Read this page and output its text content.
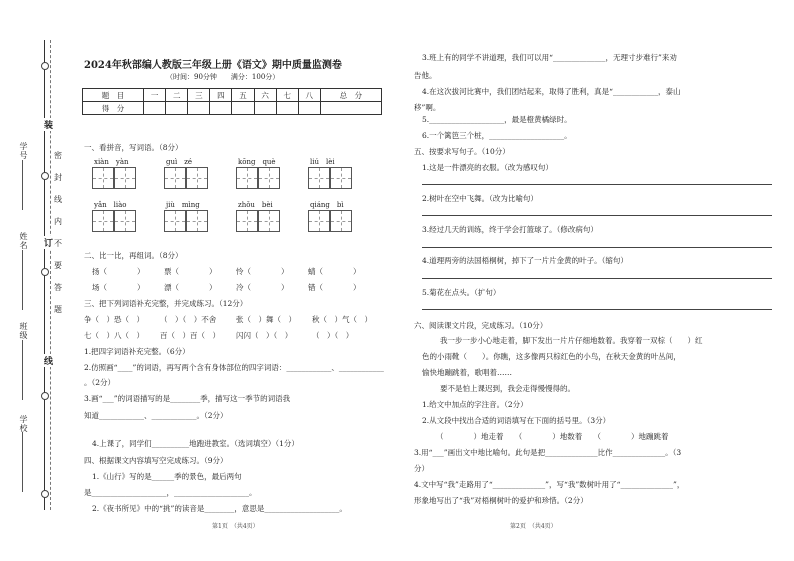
学号
姓名
班级
学校
密
封
线
内
不
要
答
题
装
订
线
2024年秋部编人教版三年级上册《语文》期中质量监测卷
（时间：90分钟　　满分：100分）
题　目	一	二	三	四	五	六	七	八	总　分
得　分									
一、看拼音，写词语。（8分）
xiàn　yàn	guì　zé	kōng　què	liú　lèi
yǎn　liào	jiù　mìng	zhǒu　bèi	qiáng　bì
二、比一比，再组词。（8分）
扬（　　　　）	票（　　　　）	怜（　　　　）	蜻（　　　　）
场（　　　　）	漂（　　　　）	冷（　　　　）	错（　　　　）
三、把下列词语补充完整，并完成练习。（12分）
争（　）恐（　） （　）（　）不舍	张（　）舞（　） 秋（　）气（　）
七（　）八（　） 百（　）百（　） 闪闪（　）（　）	（　）（　）
1.把四字词语补充完整。（6分）
2.仿照画“____”的词语，再写两个含有身体部位的四字词语：____________、____________
。（2分）
3.画“___”的词语描写的是________季，描写这一季节的词语我
知道____________、____________。（2分）
4.上课了，同学们__________地跑进教室。（选词填空）（1分）
四、根据课文内容填写空完成练习。（9分）
1.《山行》写的是______季的景色，最后两句
是____________________，____________________。
2.《夜书所见》中的“挑”的读音是________，意思是____________________。
第1页　（共4页）
3.班上有的同学不讲道理，我们可以用“______________，无理寸步难行”来劝
告他。
4.在这次拔河比赛中，我们团结起来，取得了胜利，真是“____________，泰山
移”啊。
5.____________________，最是橙黄橘绿时。
6.一个篱笆三个桩，____________________。
五、按要求写句子。（10分）
1.这是一件漂亮的衣服。（改为感叹句）
2.树叶在空中飞舞。（改为比喻句）
3.经过几天的训练，终于学会打篮球了。（修改病句）
4.道理两旁的法国梧桐树，掉下了一片片金黄的叶子。（缩句）
5.菊花在点头。（扩句）
六、阅读课文片段，完成练习。（10分）
我一步一步小心地走着，脚下发出一片片仔细地数着。我穿着一双棕（　　）红
色的小雨靴（　　）。你瞧，这多像两只棕红色的小鸟，在秋天金黄的叶丛间，
愉快地蹦跳着，歌唱着……
要不是怕上课迟到，我会走得慢慢得的。
1.给文中加点的字注音。（2分）
2.从文段中找出合适的词语填写在下面的括号里。（3分）
（　　　　）地走着　　（　　　　）地数着　　（　　　　）地蹦跳着
3.用“___”画出文中地比喻句。此句是把______________比作______________。（3
分）
4.文中写“我”走路用了“______________”，写“我”数树叶用了“______________”，
形象地写出了“我”对梧桐树叶的爱护和珍惜。（2分）
第2页　（共4页）
